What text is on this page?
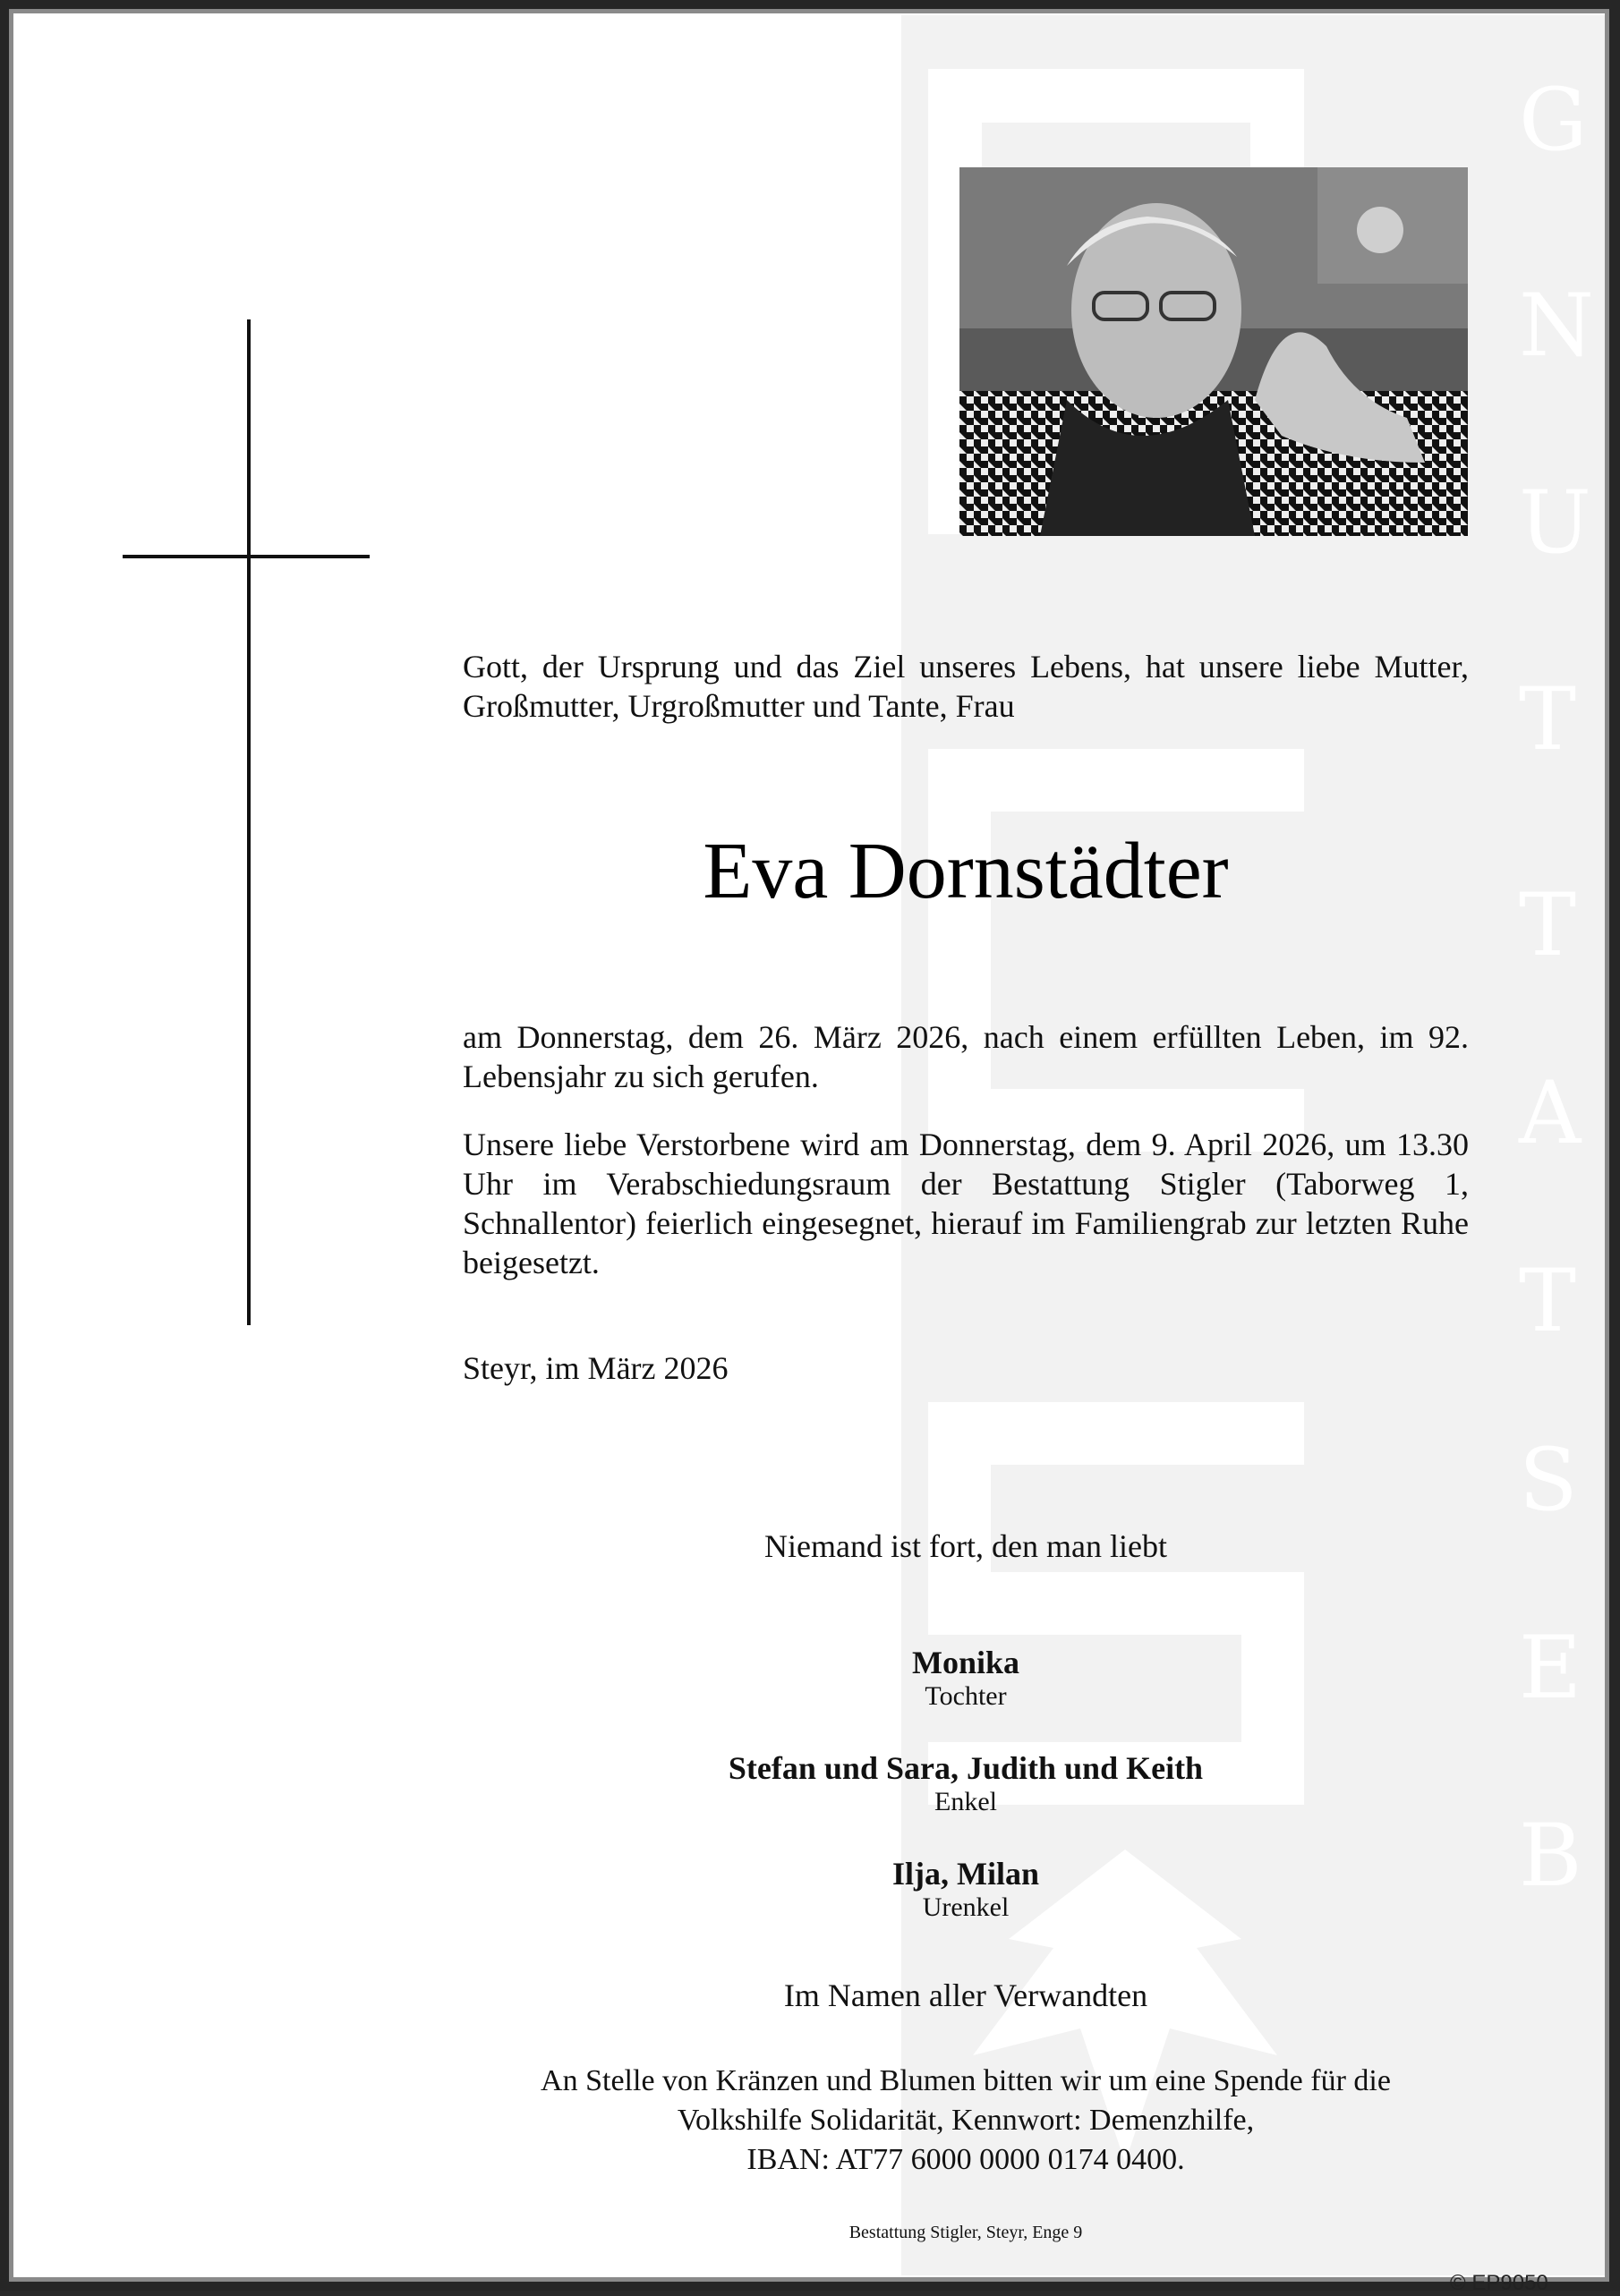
G
N
U
T
T
A
T
S
E
B
Gott, der Ursprung und das Ziel unseres Lebens, hat unsere liebe Mutter, Großmutter, Urgroßmutter und Tante, Frau
Eva Dornstädter
am Donnerstag, dem 26. März 2026, nach einem erfüllten Leben, im 92. Lebensjahr zu sich gerufen.
Unsere liebe Verstorbene wird am Donnerstag, dem 9. April 2026, um 13.30 Uhr im Verabschiedungsraum der Bestattung Stigler (Taborweg 1, Schnallentor) feierlich eingesegnet, hierauf im Familiengrab zur letzten Ruhe beigesetzt.
Steyr, im März 2026
Niemand ist fort, den man liebt
Monika
Tochter
Stefan und Sara, Judith und Keith
Enkel
Ilja, Milan
Urenkel
Im Namen aller Verwandten
An Stelle von Kränzen und Blumen bitten wir um eine Spende für die
Volkshilfe Solidarität, Kennwort: Demenzhilfe,
IBAN: AT77 6000 0000 0174 0400.
Bestattung Stigler, Steyr, Enge 9
© EP9050
